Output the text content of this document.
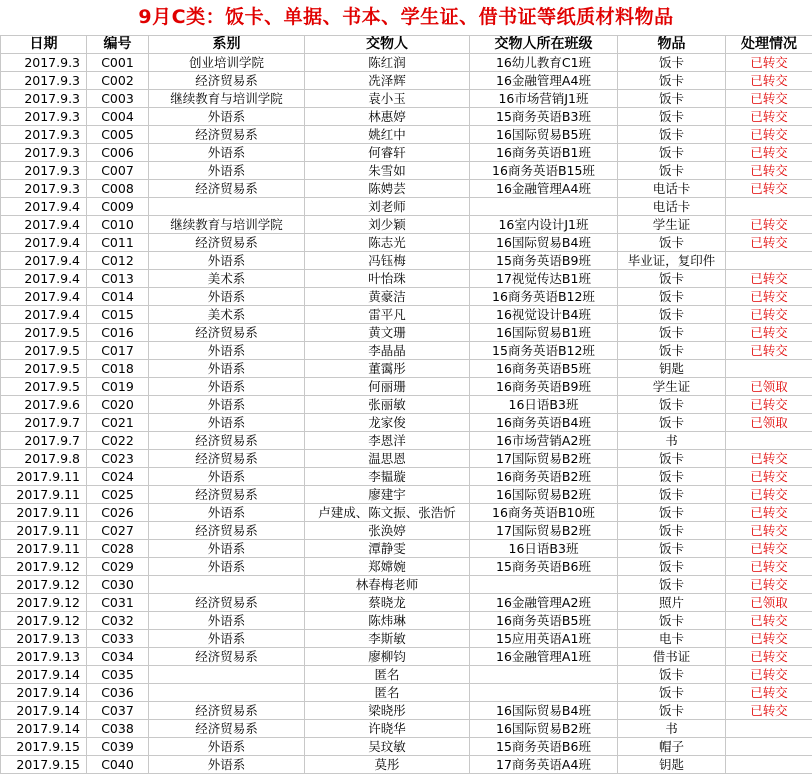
9月C类：饭卡、单据、书本、学生证、借书证等纸质材料物品
日期	编号	系别	交物人	交物人所在班级	物品	处理情况
2017.9.3	C001	创业培训学院	陈红润	16幼儿教育C1班	饭卡	已转交
2017.9.3	C002	经济贸易系	冼泽辉	16金融管理A4班	饭卡	已转交
2017.9.3	C003	继续教育与培训学院	袁小玉	16市场营销J1班	饭卡	已转交
2017.9.3	C004	外语系	林惠婷	15商务英语B3班	饭卡	已转交
2017.9.3	C005	经济贸易系	姚红中	16国际贸易B5班	饭卡	已转交
2017.9.3	C006	外语系	何睿轩	16商务英语B1班	饭卡	已转交
2017.9.3	C007	外语系	朱雪如	16商务英语B15班	饭卡	已转交
2017.9.3	C008	经济贸易系	陈娉芸	16金融管理A4班	电话卡	已转交
2017.9.4	C009		刘老师		电话卡	
2017.9.4	C010	继续教育与培训学院	刘少颖	16室内设计J1班	学生证	已转交
2017.9.4	C011	经济贸易系	陈志光	16国际贸易B4班	饭卡	已转交
2017.9.4	C012	外语系	冯钰梅	15商务英语B9班	毕业证，复印件	
2017.9.4	C013	美术系	叶怡珠	17视觉传达B1班	饭卡	已转交
2017.9.4	C014	外语系	黄豪洁	16商务英语B12班	饭卡	已转交
2017.9.4	C015	美术系	雷平凡	16视觉设计B4班	饭卡	已转交
2017.9.5	C016	经济贸易系	黄文珊	16国际贸易B1班	饭卡	已转交
2017.9.5	C017	外语系	李晶晶	15商务英语B12班	饭卡	已转交
2017.9.5	C018	外语系	董霭彤	16商务英语B5班	钥匙	
2017.9.5	C019	外语系	何丽珊	16商务英语B9班	学生证	已领取
2017.9.6	C020	外语系	张丽敏	16日语B3班	饭卡	已转交
2017.9.7	C021	外语系	龙家俊	16商务英语B4班	饭卡	已领取
2017.9.7	C022	经济贸易系	李恩洋	16市场营销A2班	书	
2017.9.8	C023	经济贸易系	温思恩	17国际贸易B2班	饭卡	已转交
2017.9.11	C024	外语系	李韫璇	16商务英语B2班	饭卡	已转交
2017.9.11	C025	经济贸易系	廖建宇	16国际贸易B2班	饭卡	已转交
2017.9.11	C026	外语系	卢建成、陈文振、张浩忻	16商务英语B10班	饭卡	已转交
2017.9.11	C027	经济贸易系	张涣婷	17国际贸易B2班	饭卡	已转交
2017.9.11	C028	外语系	潭静雯	16日语B3班	饭卡	已转交
2017.9.12	C029	外语系	郑嫦婉	15商务英语B6班	饭卡	已转交
2017.9.12	C030		林春梅老师		饭卡	已转交
2017.9.12	C031	经济贸易系	蔡晓龙	16金融管理A2班	照片	已领取
2017.9.12	C032	外语系	陈炜琳	16商务英语B5班	饭卡	已转交
2017.9.13	C033	外语系	李斯敏	15应用英语A1班	电卡	已转交
2017.9.13	C034	经济贸易系	廖柳钧	16金融管理A1班	借书证	已转交
2017.9.14	C035		匿名		饭卡	已转交
2017.9.14	C036		匿名		饭卡	已转交
2017.9.14	C037	经济贸易系	梁晓彤	16国际贸易B4班	饭卡	已转交
2017.9.14	C038	经济贸易系	许晓华	16国际贸易B2班	书	
2017.9.15	C039	外语系	吴玟敏	15商务英语B6班	帽子	
2017.9.15	C040	外语系	莫彤	17商务英语A4班	钥匙	
